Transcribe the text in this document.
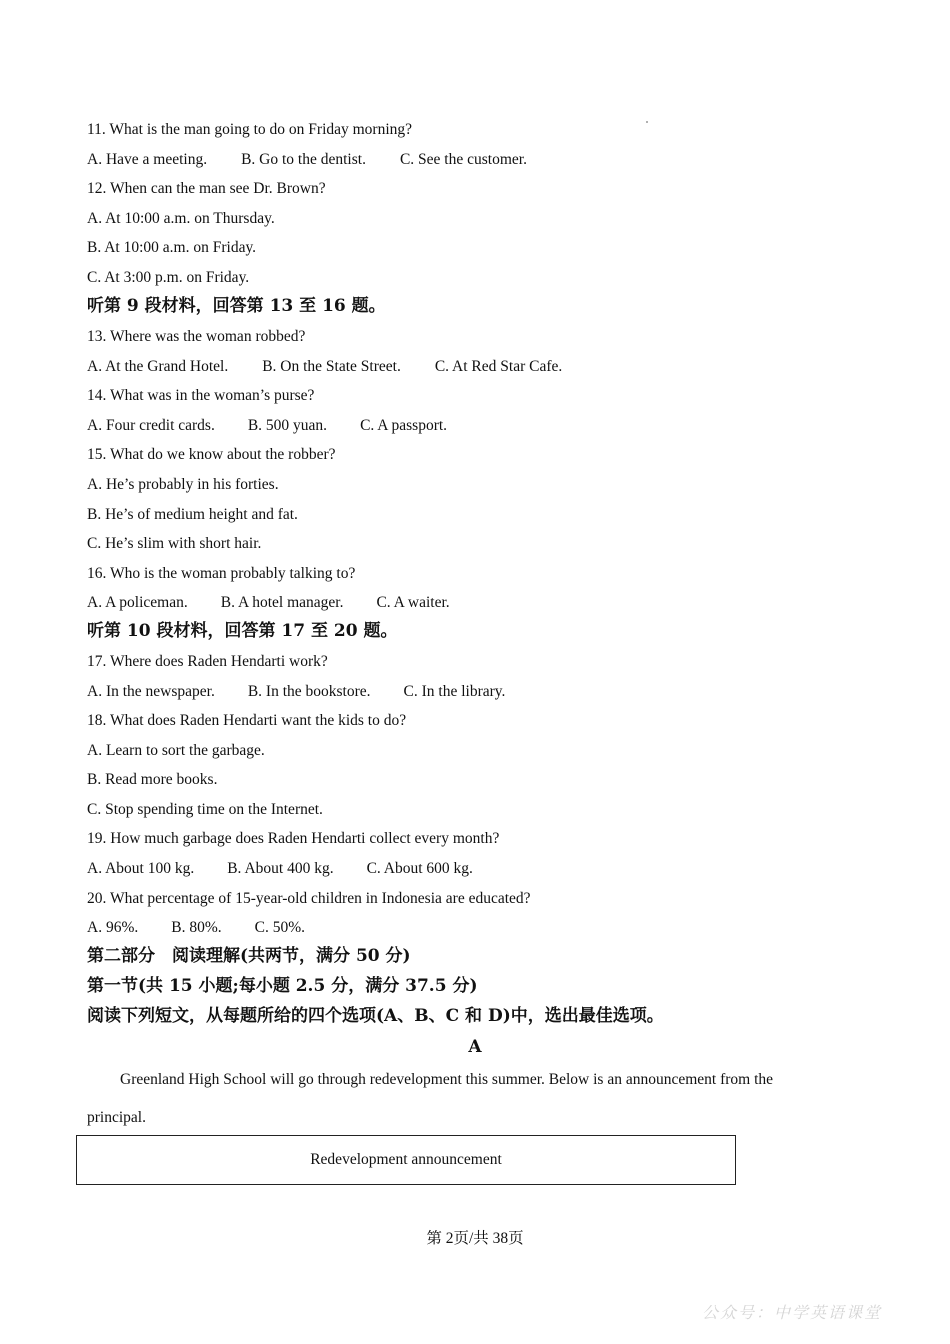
11. What is the man going to do on Friday morning?
A. Have a meeting. B. Go to the dentist. C. See the customer.
12. When can the man see Dr. Brown?
A. At 10:00 a.m. on Thursday.
B. At 10:00 a.m. on Friday.
C. At 3:00 p.m. on Friday.
听第 9 段材料，回答第 13 至 16 题。
13. Where was the woman robbed?
A. At the Grand Hotel. B. On the State Street. C. At Red Star Cafe.
14. What was in the woman’s purse?
A. Four credit cards. B. 500 yuan. C. A passport.
15. What do we know about the robber?
A. He’s probably in his forties.
B. He’s of medium height and fat.
C. He’s slim with short hair.
16. Who is the woman probably talking to?
A. A policeman. B. A hotel manager. C. A waiter.
听第 10 段材料，回答第 17 至 20 题。
17. Where does Raden Hendarti work?
A. In the newspaper. B. In the bookstore. C. In the library.
18. What does Raden Hendarti want the kids to do?
A. Learn to sort the garbage.
B. Read more books.
C. Stop spending time on the Internet.
19. How much garbage does Raden Hendarti collect every month?
A. About 100 kg. B. About 400 kg. C. About 600 kg.
20. What percentage of 15-year-old children in Indonesia are educated?
A. 96%. B. 80%. C. 50%.
第二部分　阅读理解(共两节，满分 50 分)
第一节(共 15 小题;每小题 2.5 分，满分 37.5 分)
阅读下列短文，从每题所给的四个选项(A、B、C 和 D)中，选出最佳选项。
A
Greenland High School will go through redevelopment this summer. Below is an announcement from the principal.
Redevelopment announcement
第 2页/共 38页
公众号：中学英语课堂
